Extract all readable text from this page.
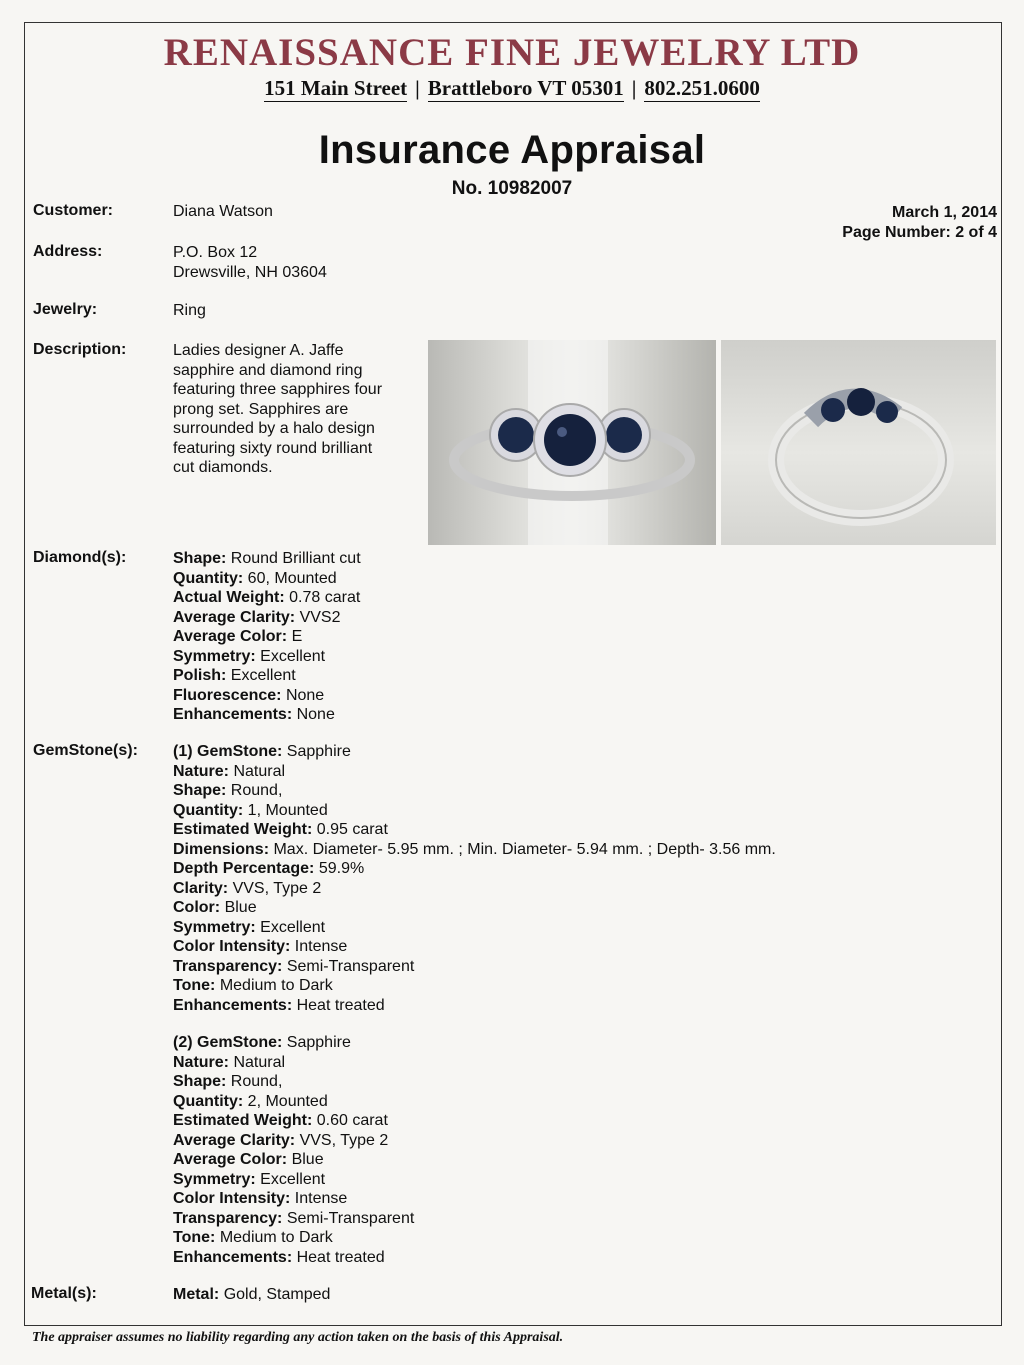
RENAISSANCE FINE JEWELRY LTD
151 Main Street | Brattleboro VT 05301 | 802.251.0600
Insurance Appraisal
No. 10982007
March 1, 2014
Page Number: 2 of 4
Customer:	Diana Watson
Address:	P.O. Box 12
Drewsville, NH 03604
Jewelry:	Ring
Description:	Ladies designer A. Jaffe
sapphire and diamond ring
featuring three sapphires four
prong set. Sapphires are
surrounded by a halo design
featuring sixty round brilliant
cut diamonds.
Diamond(s):	Shape: Round Brilliant cut
Quantity: 60, Mounted
Actual Weight: 0.78 carat
Average Clarity: VVS2
Average Color: E
Symmetry: Excellent
Polish: Excellent
Fluorescence: None
Enhancements: None
GemStone(s): (1) GemStone: Sapphire
Nature: Natural
Shape: Round,
Quantity: 1, Mounted
Estimated Weight: 0.95 carat
Dimensions: Max. Diameter- 5.95 mm. ; Min. Diameter- 5.94 mm. ; Depth- 3.56 mm.
Depth Percentage: 59.9%
Clarity: VVS, Type 2
Color: Blue
Symmetry: Excellent
Color Intensity: Intense
Transparency: Semi-Transparent
Tone: Medium to Dark
Enhancements: Heat treated
(2) GemStone: Sapphire
Nature: Natural
Shape: Round,
Quantity: 2, Mounted
Estimated Weight: 0.60 carat
Average Clarity: VVS, Type 2
Average Color: Blue
Symmetry: Excellent
Color Intensity: Intense
Transparency: Semi-Transparent
Tone: Medium to Dark
Enhancements: Heat treated
Metal(s):	Metal: Gold, Stamped
The appraiser assumes no liability regarding any action taken on the basis of this Appraisal.
